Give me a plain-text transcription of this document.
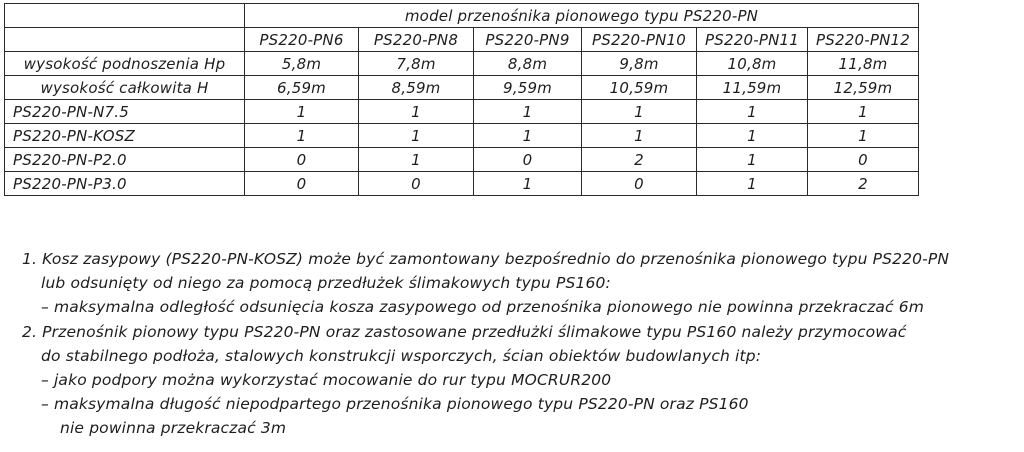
	model przenośnika pionowego typu PS220-PN					
	PS220-PN6	PS220-PN8	PS220-PN9	PS220-PN10	PS220-PN11	PS220-PN12
wysokość podnoszenia Hp	5,8m	7,8m	8,8m	9,8m	10,8m	11,8m
wysokość całkowita H	6,59m	8,59m	9,59m	10,59m	11,59m	12,59m
PS220-PN-N7.5	1	1	1	1	1	1
PS220-PN-KOSZ	1	1	1	1	1	1
PS220-PN-P2.0	0	1	0	2	1	0
PS220-PN-P3.0	0	0	1	0	1	2
1. Kosz zasypowy (PS220-PN-KOSZ) może być zamontowany bezpośrednio do przenośnika pionowego typu PS220-PN
lub odsunięty od niego za pomocą przedłużek ślimakowych typu PS160:
– maksymalna odległość odsunięcia kosza zasypowego od przenośnika pionowego nie powinna przekraczać 6m
2. Przenośnik pionowy typu PS220-PN oraz zastosowane przedłużki ślimakowe typu PS160 należy przymocować
do stabilnego podłoża, stalowych konstrukcji wsporczych, ścian obiektów budowlanych itp:
– jako podpory można wykorzystać mocowanie do rur typu MOCRUR200
– maksymalna długość niepodpartego przenośnika pionowego typu PS220-PN oraz PS160
nie powinna przekraczać 3m
